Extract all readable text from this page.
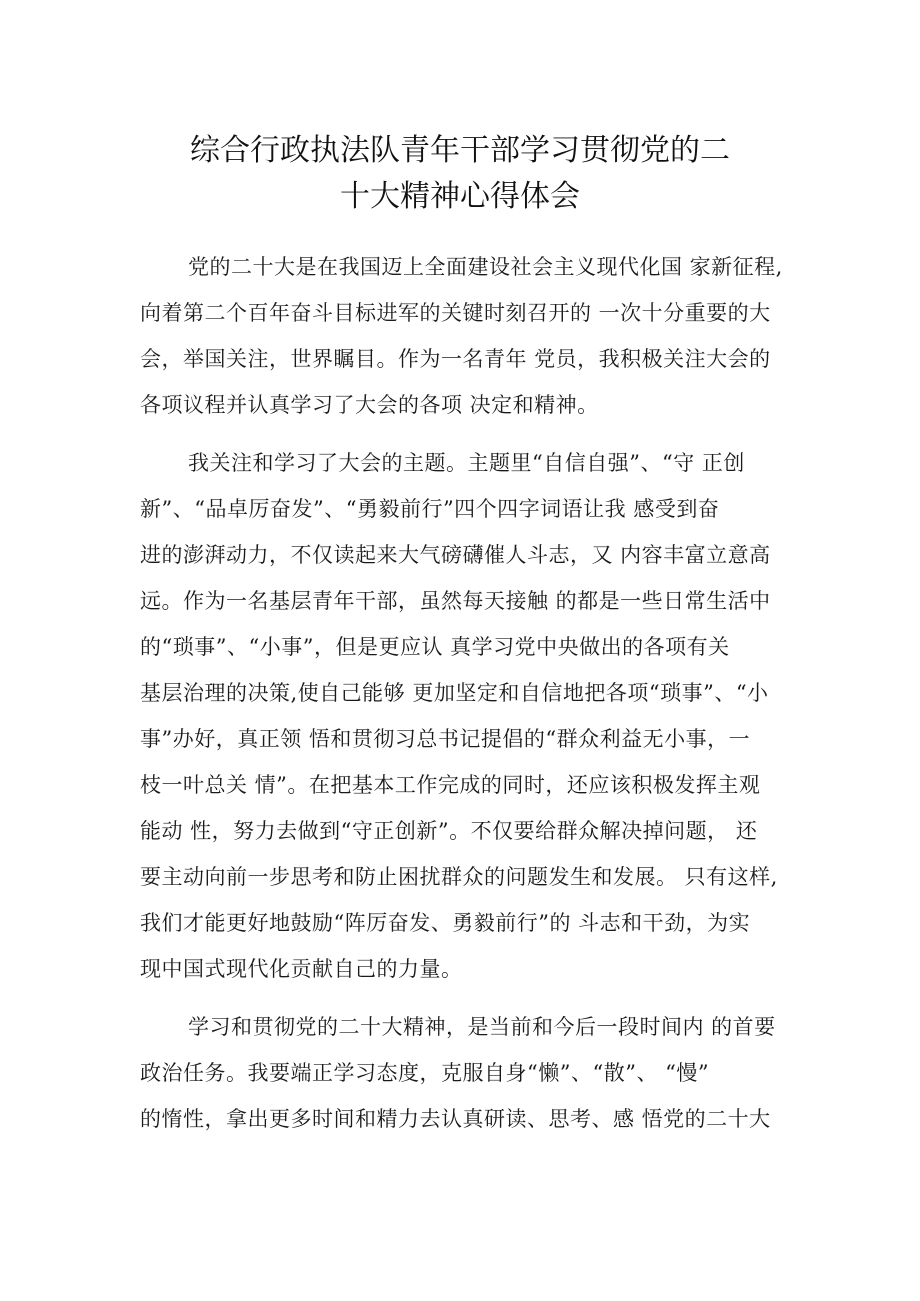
综合行政执法队青年干部学习贯彻党的二
十大精神心得体会
党的二十大是在我国迈上全面建设社会主义现代化国 家新征程,
向着第二个百年奋斗目标进军的关键时刻召开的 一次十分重要的大
会，举国关注，世界瞩目。作为一名青年 党员，我积极关注大会的
各项议程并认真学习了大会的各项 决定和精神。
我关注和学习了大会的主题。主题里“自信自强”、“守 正创
新”、“品卓厉奋发”、“勇毅前行”四个四字词语让我 感受到奋
进的澎湃动力，不仅读起来大气磅礴催人斗志，又 内容丰富立意高
远。作为一名基层青年干部，虽然每天接触 的都是一些日常生活中
的“琐事”、“小事”，但是更应认 真学习党中央做出的各项有关
基层治理的决策,使自己能够 更加坚定和自信地把各项“琐事”、“小
事”办好，真正领 悟和贯彻习总书记提倡的“群众利益无小事，一
枝一叶总关 情”。在把基本工作完成的同时，还应该积极发挥主观
能动 性，努力去做到“守正创新”。不仅要给群众解决掉问题， 还
要主动向前一步思考和防止困扰群众的问题发生和发展。 只有这样,
我们才能更好地鼓励“阵厉奋发、勇毅前行”的 斗志和干劲，为实
现中国式现代化贡献自己的力量。
学习和贯彻党的二十大精神，是当前和今后一段时间内 的首要
政治任务。我要端正学习态度，克服自身“懒”、“散”、 “慢”
的惰性，拿出更多时间和精力去认真研读、思考、感 悟党的二十大
